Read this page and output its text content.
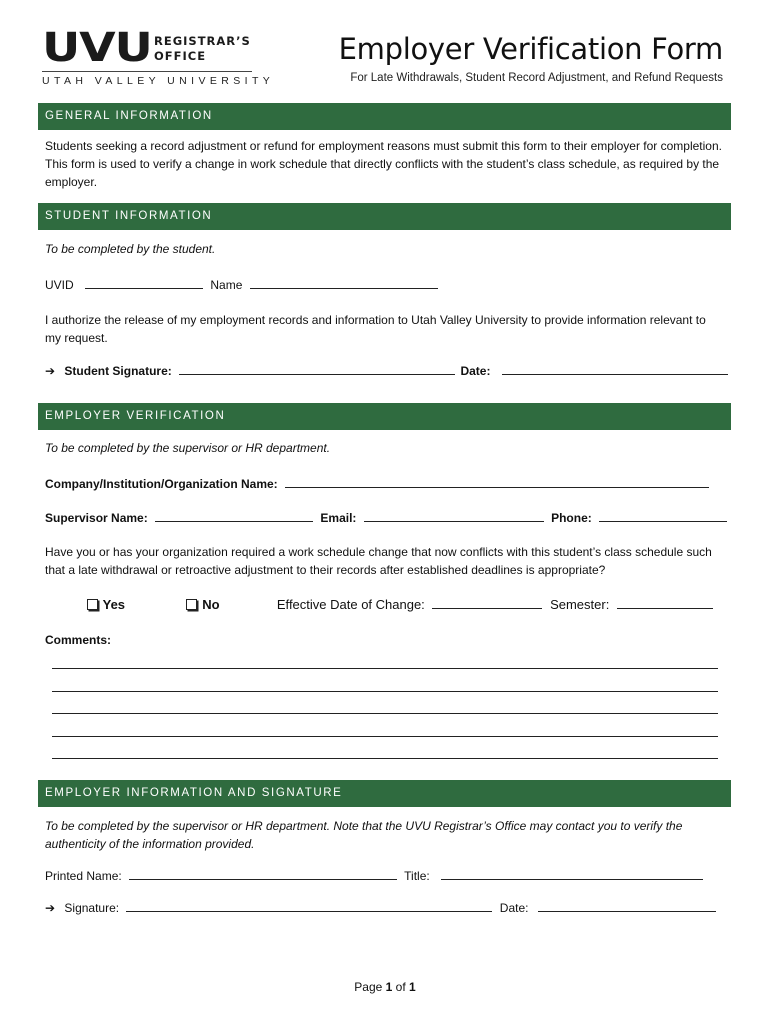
UVU REGISTRAR’S
OFFICE
UTAH VALLEY UNIVERSITY
Employer Verification Form
For Late Withdrawals, Student Record Adjustment, and Refund Requests
GENERAL INFORMATION
Students seeking a record adjustment or refund for employment reasons must submit this form to their employer for completion. This form is used to verify a change in work schedule that directly conflicts with the student’s class schedule, as required by the employer.
STUDENT INFORMATION
To be completed by the student.
UVID	Name
I authorize the release of my employment records and information to Utah Valley University to provide information relevant to my request.
➔ Student Signature:	Date:
EMPLOYER VERIFICATION
To be completed by the supervisor or HR department.
Company/Institution/Organization Name:
Supervisor Name:	Email:	Phone:
Have you or has your organization required a work schedule change that now conflicts with this student’s class schedule such that a late withdrawal or retroactive adjustment to their records after established deadlines is appropriate?
Yes	No	Effective Date of Change:	Semester:
Comments:
EMPLOYER INFORMATION AND SIGNATURE
To be completed by the supervisor or HR department. Note that the UVU Registrar’s Office may contact you to verify the authenticity of the information provided.
Printed Name:	Title:
➔ Signature:	Date:
Page 1 of 1
